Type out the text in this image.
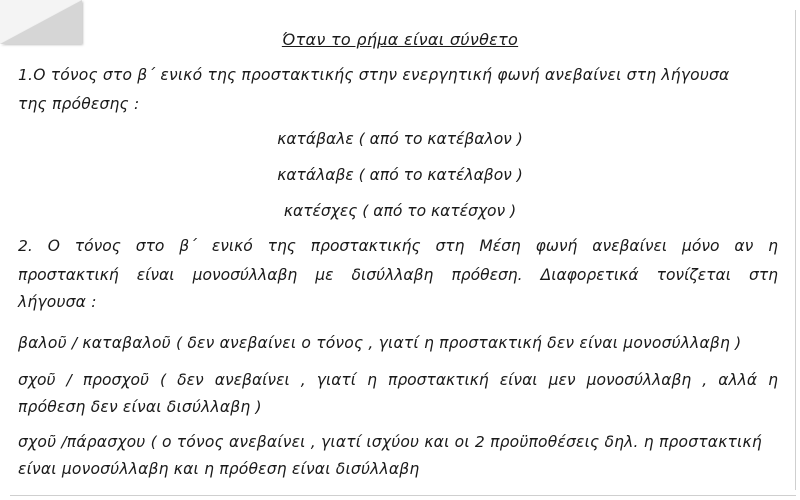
Όταν το ρήμα είναι σύνθετο
1.Ο τόνος στο β΄ ενικό της προστακτικής στην ενεργητική φωνή ανεβαίνει στη λήγουσα
της πρόθεσης :
κατάβαλε ( από το κατέβαλον )
κατάλαβε ( από το κατέλαβον )
κατέσχες ( από το κατέσχον )
2. Ο τόνος στο β΄ ενικό της προστακτικής στη Μέση φωνή ανεβαίνει μόνο αν η
προστακτική είναι μονοσύλλαβη με δισύλλαβη πρόθεση. Διαφορετικά τονίζεται στη
λήγουσα :
βαλοῦ / καταβαλοῦ ( δεν ανεβαίνει ο τόνος , γιατί η προστακτική δεν είναι μονοσύλλαβη )
σχοῦ / προσχοῦ ( δεν ανεβαίνει , γιατί η προστακτική είναι μεν μονοσύλλαβη , αλλά η
πρόθεση δεν είναι δισύλλαβη )
σχοῦ /πάρασχου ( ο τόνος ανεβαίνει , γιατί ισχύου και οι 2 προϋποθέσεις δηλ. η προστακτική
είναι μονοσύλλαβη και η πρόθεση είναι δισύλλαβη
